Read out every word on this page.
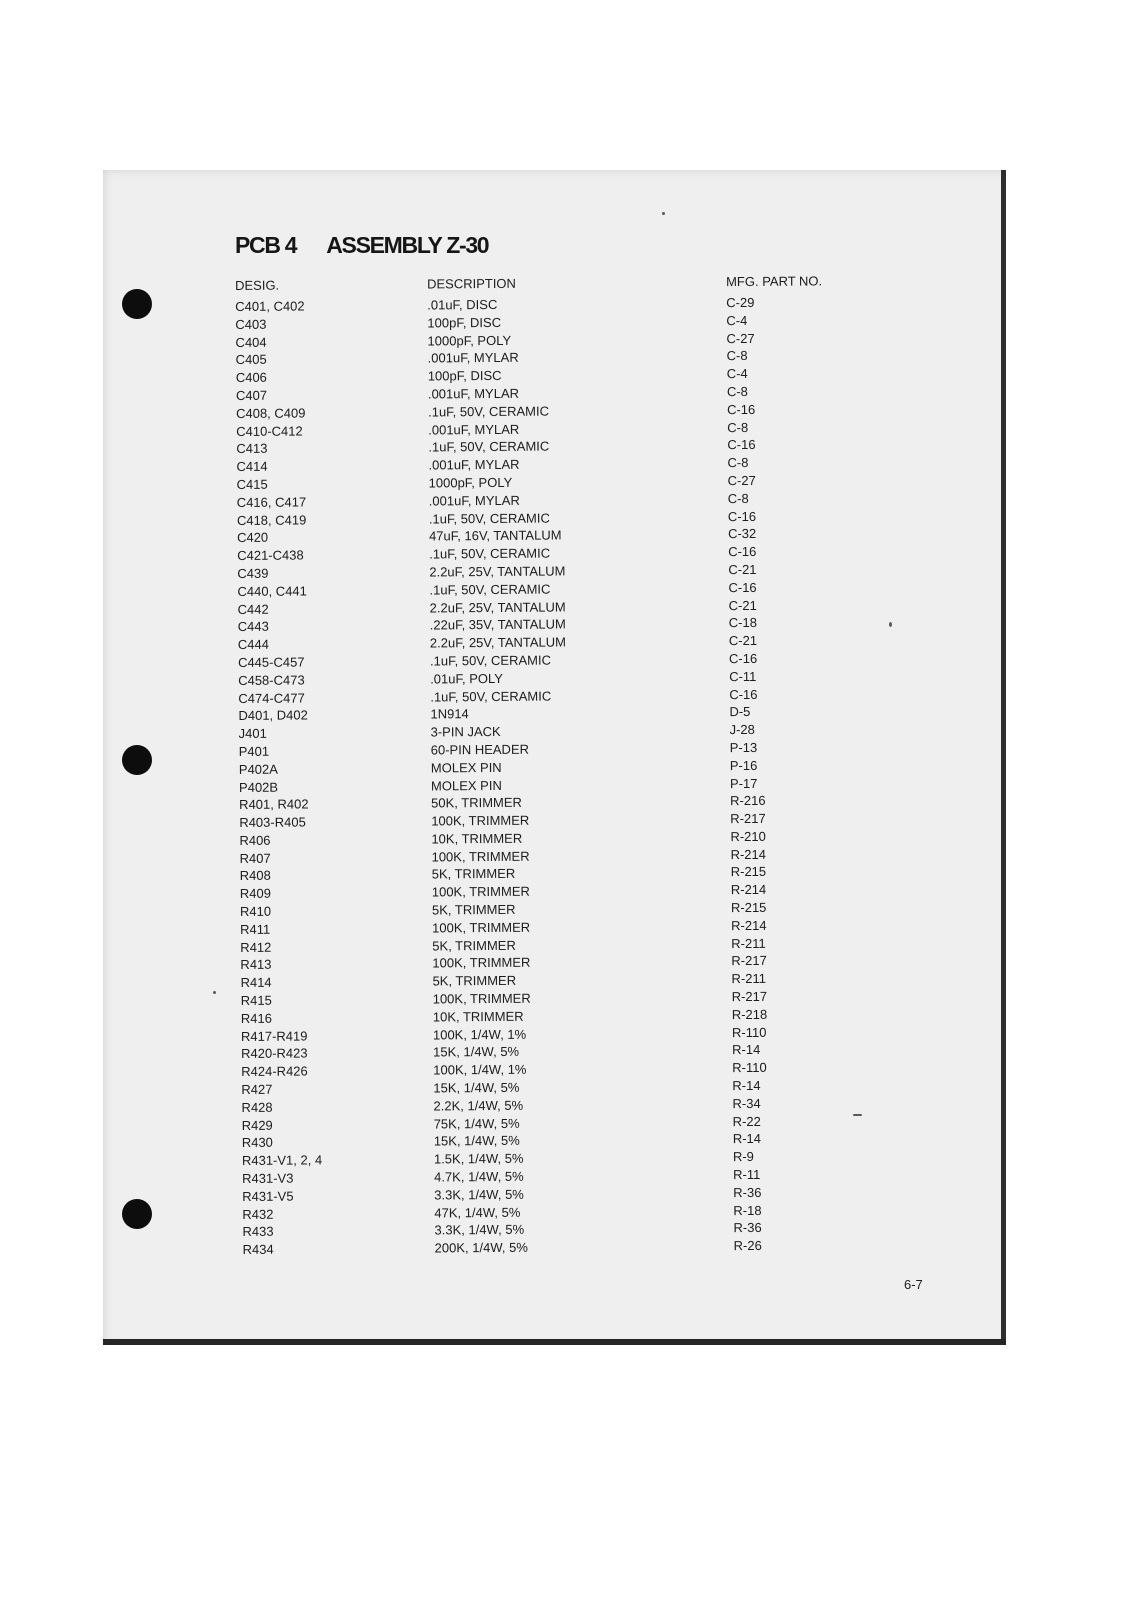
PCB 4 ASSEMBLY Z-30
DESIG.	DESCRIPTION	MFG. PART NO.
C401, C402	.01uF, DISC	C-29
C403	100pF, DISC	C-4
C404	1000pF, POLY	C-27
C405	.001uF, MYLAR	C-8
C406	100pF, DISC	C-4
C407	.001uF, MYLAR	C-8
C408, C409	.1uF, 50V, CERAMIC	C-16
C410-C412	.001uF, MYLAR	C-8
C413	.1uF, 50V, CERAMIC	C-16
C414	.001uF, MYLAR	C-8
C415	1000pF, POLY	C-27
C416, C417	.001uF, MYLAR	C-8
C418, C419	.1uF, 50V, CERAMIC	C-16
C420	47uF, 16V, TANTALUM	C-32
C421-C438	.1uF, 50V, CERAMIC	C-16
C439	2.2uF, 25V, TANTALUM	C-21
C440, C441	.1uF, 50V, CERAMIC	C-16
C442	2.2uF, 25V, TANTALUM	C-21
C443	.22uF, 35V, TANTALUM	C-18
C444	2.2uF, 25V, TANTALUM	C-21
C445-C457	.1uF, 50V, CERAMIC	C-16
C458-C473	.01uF, POLY	C-11
C474-C477	.1uF, 50V, CERAMIC	C-16
D401, D402	1N914	D-5
J401	3-PIN JACK	J-28
P401	60-PIN HEADER	P-13
P402A	MOLEX PIN	P-16
P402B	MOLEX PIN	P-17
R401, R402	50K, TRIMMER	R-216
R403-R405	100K, TRIMMER	R-217
R406	10K, TRIMMER	R-210
R407	100K, TRIMMER	R-214
R408	5K, TRIMMER	R-215
R409	100K, TRIMMER	R-214
R410	5K, TRIMMER	R-215
R411	100K, TRIMMER	R-214
R412	5K, TRIMMER	R-211
R413	100K, TRIMMER	R-217
R414	5K, TRIMMER	R-211
R415	100K, TRIMMER	R-217
R416	10K, TRIMMER	R-218
R417-R419	100K, 1/4W, 1%	R-110
R420-R423	15K, 1/4W, 5%	R-14
R424-R426	100K, 1/4W, 1%	R-110
R427	15K, 1/4W, 5%	R-14
R428	2.2K, 1/4W, 5%	R-34
R429	75K, 1/4W, 5%	R-22
R430	15K, 1/4W, 5%	R-14
R431-V1, 2, 4	1.5K, 1/4W, 5%	R-9
R431-V3	4.7K, 1/4W, 5%	R-11
R431-V5	3.3K, 1/4W, 5%	R-36
R432	47K, 1/4W, 5%	R-18
R433	3.3K, 1/4W, 5%	R-36
R434	200K, 1/4W, 5%	R-26
6-7
